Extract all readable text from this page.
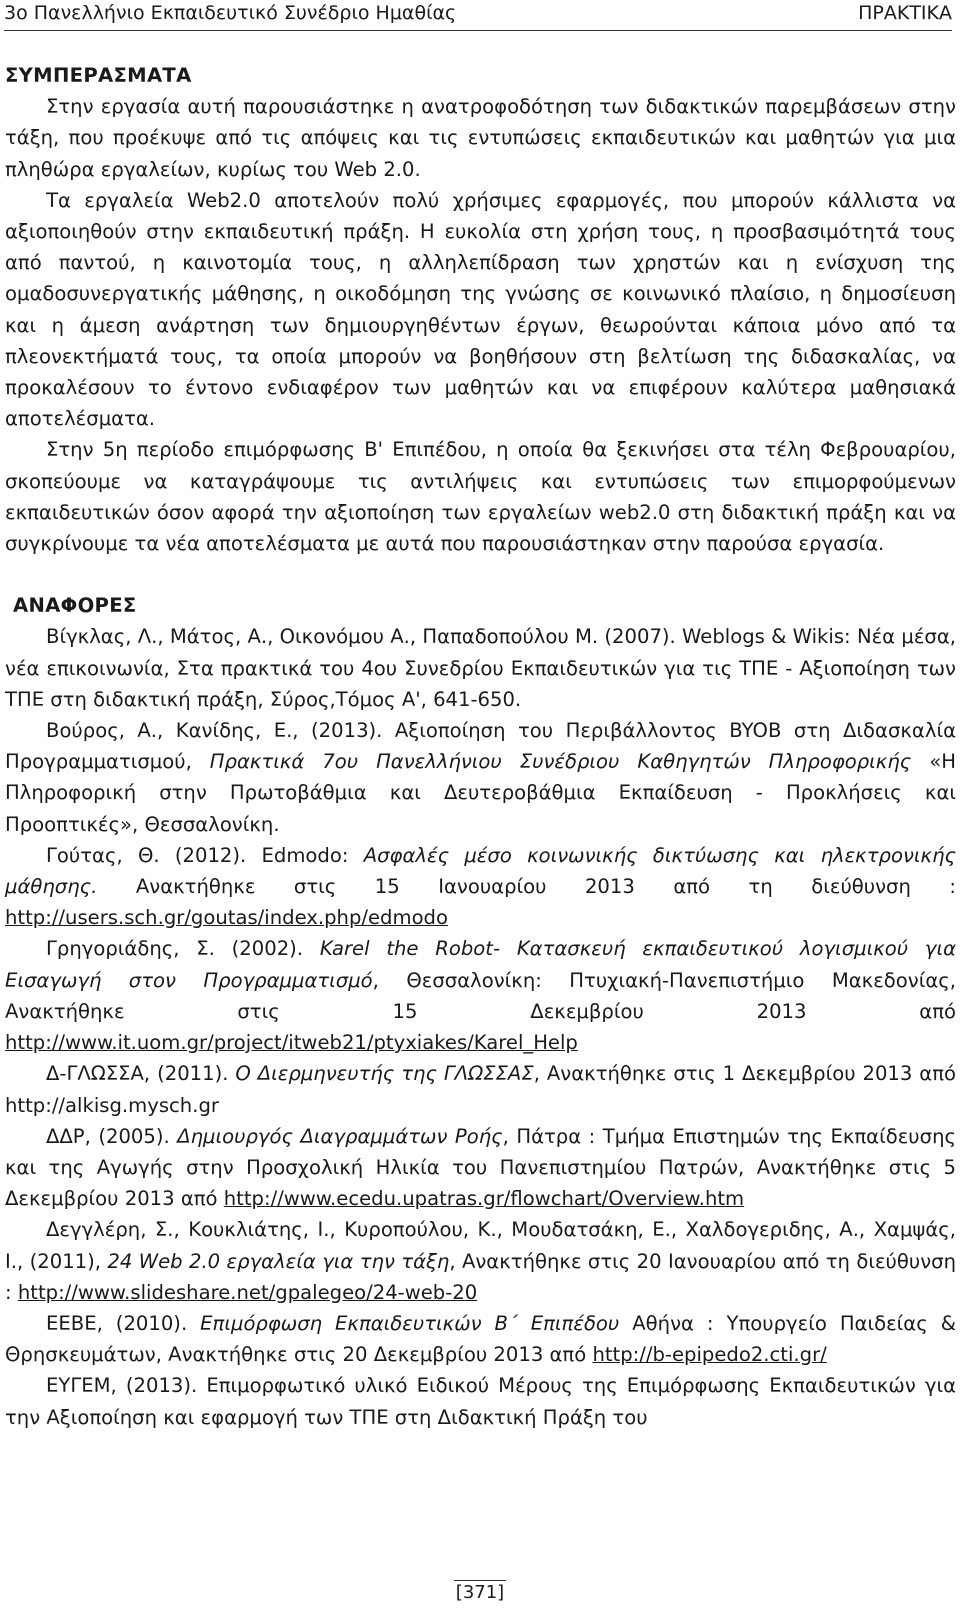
3ο Πανελλήνιο Εκπαιδευτικό Συνέδριο Ημαθίας	ΠΡΑΚΤΙΚΑ
ΣΥΜΠΕΡΑΣΜΑΤΑ

Στην εργασία αυτή παρουσιάστηκε η ανατροφοδότηση των διδακτικών παρεμβάσεων στην τάξη, που προέκυψε από τις απόψεις και τις εντυπώσεις εκπαιδευτικών και μαθητών για μια πληθώρα εργαλείων, κυρίως του Web 2.0.

Τα εργαλεία Web2.0 αποτελούν πολύ χρήσιμες εφαρμογές, που μπορούν κάλλιστα να αξιοποιηθούν στην εκπαιδευτική πράξη. Η ευκολία στη χρήση τους, η προσβασιμότητά τους από παντού, η καινοτομία τους, η αλληλεπίδραση των χρηστών και η ενίσχυση της ομαδοσυνεργατικής μάθησης, η οικοδόμηση της γνώσης σε κοινωνικό πλαίσιο, η δημοσίευση και η άμεση ανάρτηση των δημιουργηθέντων έργων, θεωρούνται κάποια μόνο από τα πλεονεκτήματά τους, τα οποία μπορούν να βοηθήσουν στη βελτίωση της διδασκαλίας, να προκαλέσουν το έντονο ενδιαφέρον των μαθητών και να επιφέρουν καλύτερα μαθησιακά αποτελέσματα.

Στην 5η περίοδο επιμόρφωσης Β' Επιπέδου, η οποία θα ξεκινήσει στα τέλη Φεβρουαρίου, σκοπεύουμε να καταγράψουμε τις αντιλήψεις και εντυπώσεις των επιμορφούμενων εκπαιδευτικών όσον αφορά την αξιοποίηση των εργαλείων web2.0 στη διδακτική πράξη και να συγκρίνουμε τα νέα αποτελέσματα με αυτά που παρουσιάστηκαν στην παρούσα εργασία.

ΑΝΑΦΟΡΕΣ

Βίγκλας, Λ., Μάτος, Α., Οικονόμου Α., Παπαδοπούλου Μ. (2007). Weblogs & Wikis: Νέα μέσα, νέα επικοινωνία, Στα πρακτικά του 4ου Συνεδρίου Εκπαιδευτικών για τις ΤΠΕ - Αξιοποίηση των ΤΠΕ στη διδακτική πράξη, Σύρος,Τόμος Α', 641-650.

Βούρος, Α., Κανίδης, Ε., (2013). Αξιοποίηση του Περιβάλλοντος BYOB στη Διδασκαλία Προγραμματισμού, Πρακτικά 7ου Πανελλήνιου Συνέδριου Καθηγητών Πληροφορικής «Η Πληροφορική στην Πρωτοβάθμια και Δευτεροβάθμια Εκπαίδευση - Προκλήσεις και Προοπτικές», Θεσσαλονίκη.

Γούτας, Θ. (2012). Edmodo: Ασφαλές μέσο κοινωνικής δικτύωσης και ηλεκτρονικής μάθησης. Ανακτήθηκε στις 15 Ιανουαρίου 2013 από τη διεύθυνση : http://users.sch.gr/goutas/index.php/edmodo

Γρηγοριάδης, Σ. (2002). Karel the Robot- Κατασκευή εκπαιδευτικού λογισμικού για Εισαγωγή στον Προγραμματισμό, Θεσσαλονίκη: Πτυχιακή-Πανεπιστήμιο Μακεδονίας, Ανακτήθηκε στις 15 Δεκεμβρίου 2013 από http://www.it.uom.gr/project/itweb21/ptyxiakes/Karel_Help

Δ-ΓΛΩΣΣΑ, (2011). Ο Διερμηνευτής της ΓΛΩΣΣΑΣ, Ανακτήθηκε στις 1 Δεκεμβρίου 2013 από http://alkisg.mysch.gr

ΔΔΡ, (2005). Δημιουργός Διαγραμμάτων Ροής, Πάτρα : Τμήμα Επιστημών της Εκπαίδευσης και της Αγωγής στην Προσχολική Ηλικία του Πανεπιστημίου Πατρών, Ανακτήθηκε στις 5 Δεκεμβρίου 2013 από http://www.ecedu.upatras.gr/flowchart/Overview.htm

Δεγγλέρη, Σ., Κουκλιάτης, Ι., Κυροπούλου, Κ., Μουδατσάκη, Ε., Χαλδογεριδης, Α., Χαμψάς, Ι., (2011), 24 Web 2.0 εργαλεία για την τάξη, Ανακτήθηκε στις 20 Ιανουαρίου από τη διεύθυνση : http://www.slideshare.net/gpalegeo/24-web-20

ΕΕΒΕ, (2010). Επιμόρφωση Εκπαιδευτικών Β΄ Επιπέδου Αθήνα : Υπουργείο Παιδείας & Θρησκευμάτων, Ανακτήθηκε στις 20 Δεκεμβρίου 2013 από http://b-epipedo2.cti.gr/

ΕΥΓΕΜ, (2013). Επιμορφωτικό υλικό Ειδικού Μέρους της Επιμόρφωσης Εκπαιδευτικών για την Αξιοποίηση και εφαρμογή των ΤΠΕ στη Διδακτική Πράξη του

[371]
